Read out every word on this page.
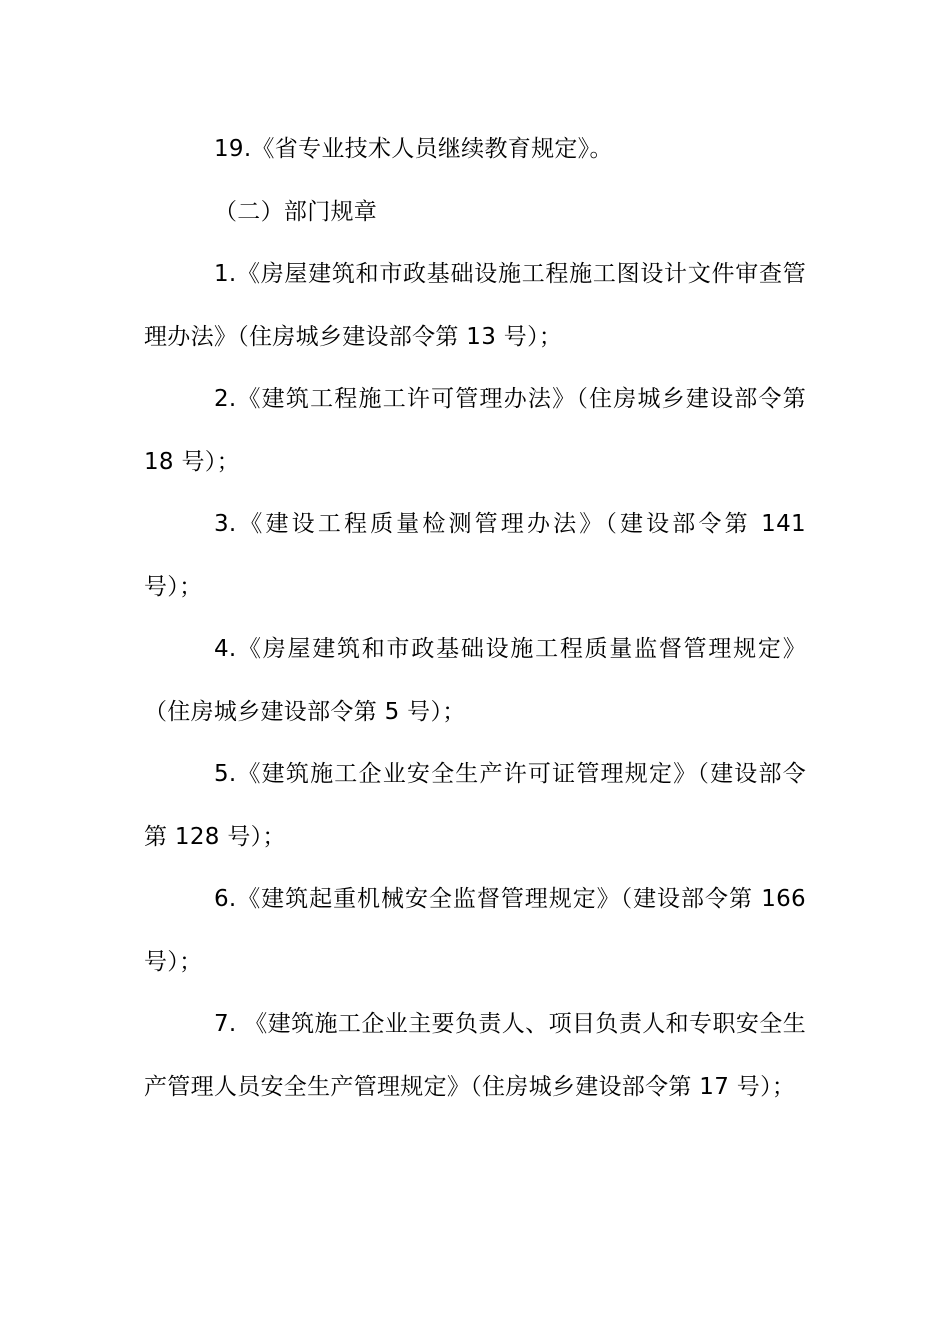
19.《省专业技术人员继续教育规定》。

（二）部门规章

1.《房屋建筑和市政基础设施工程施工图设计文件审查管理办法》（住房城乡建设部令第 13 号）；

2.《建筑工程施工许可管理办法》（住房城乡建设部令第 18 号）；

3.《建设工程质量检测管理办法》（建设部令第 141 号）；

4.《房屋建筑和市政基础设施工程质量监督管理规定》（住房城乡建设部令第 5 号）；

5.《建筑施工企业安全生产许可证管理规定》（建设部令第 128 号）；

6.《建筑起重机械安全监督管理规定》（建设部令第 166 号）；

7. 《建筑施工企业主要负责人、项目负责人和专职安全生产管理人员安全生产管理规定》（住房城乡建设部令第 17 号）；
